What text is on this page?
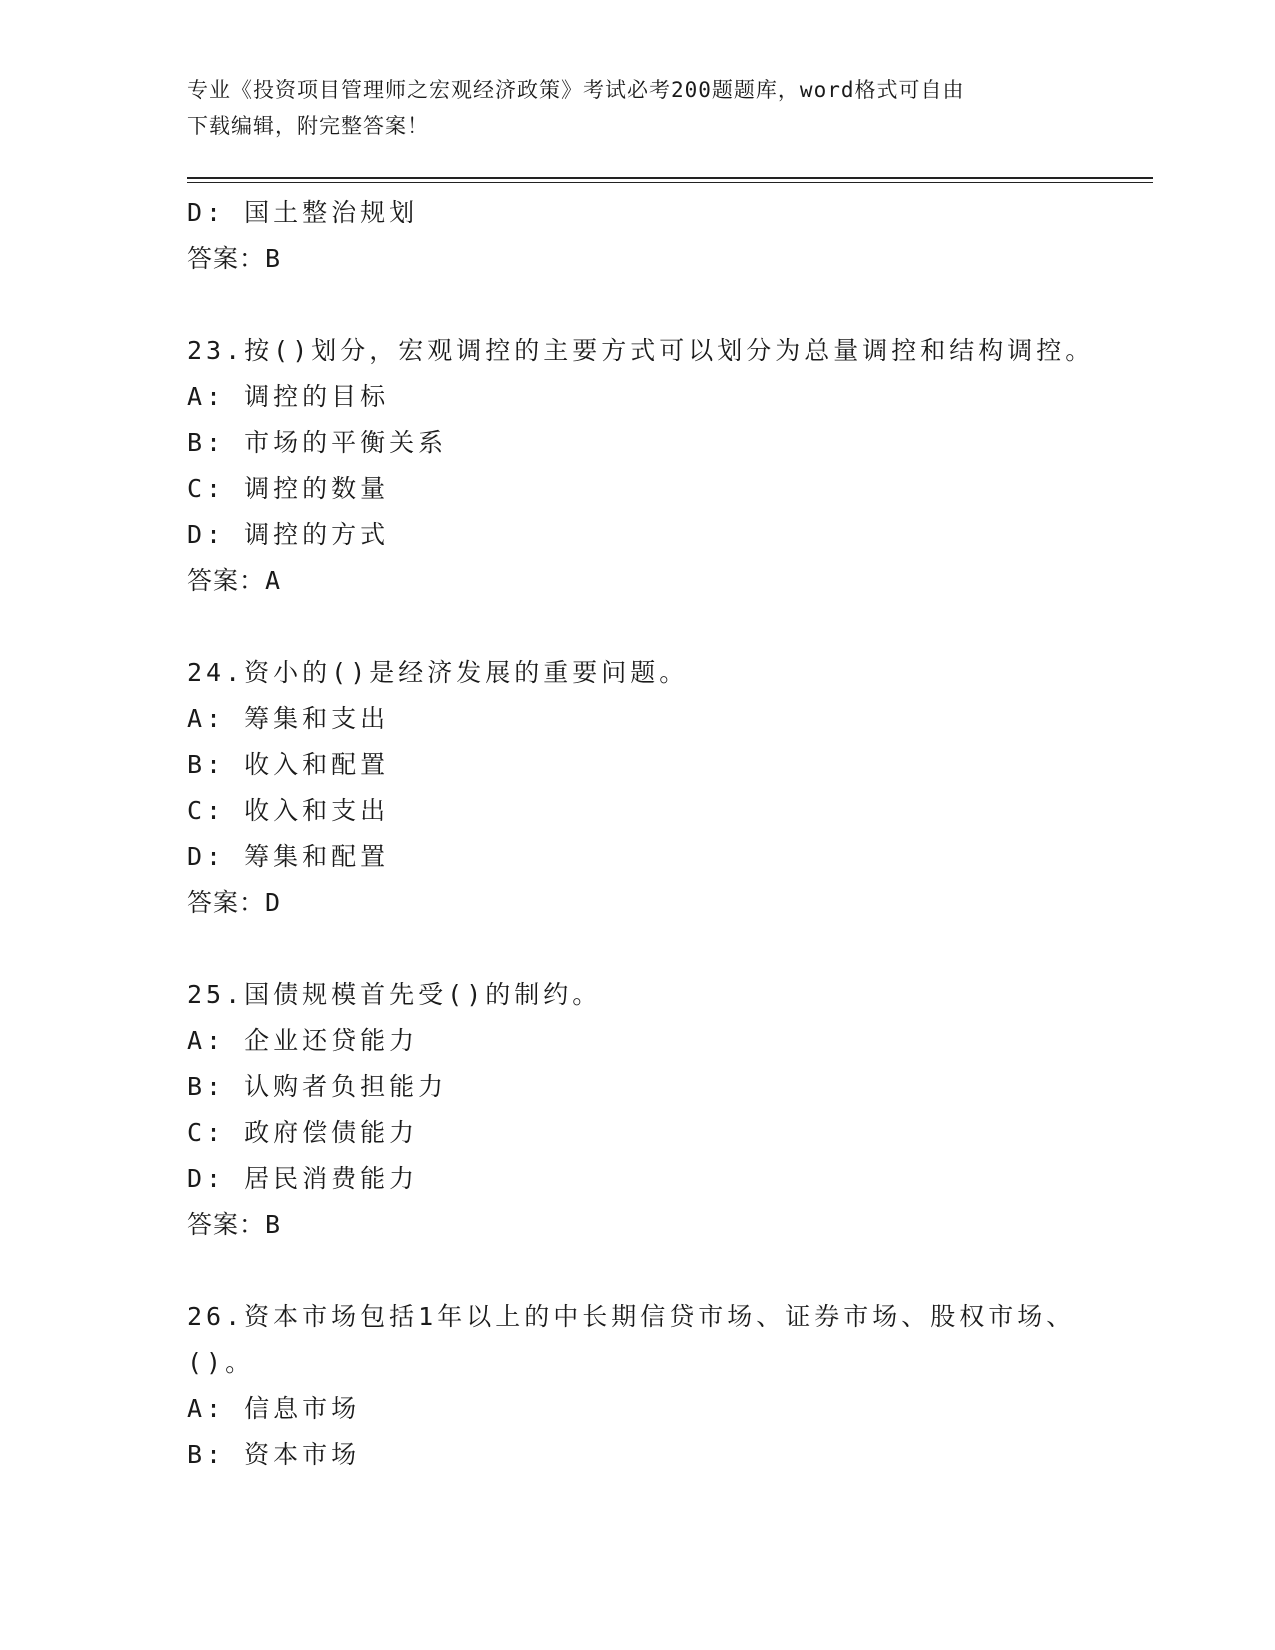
专业《投资项目管理师之宏观经济政策》考试必考200题题库，word格式可自由
下载编辑，附完整答案！
D: 国土整治规划
答案：B
23.按()划分，宏观调控的主要方式可以划分为总量调控和结构调控。
A: 调控的目标
B: 市场的平衡关系
C: 调控的数量
D: 调控的方式
答案：A
24.资小的()是经济发展的重要问题。
A: 筹集和支出
B: 收入和配置
C: 收入和支出
D: 筹集和配置
答案：D
25.国债规模首先受()的制约。
A: 企业还贷能力
B: 认购者负担能力
C: 政府偿债能力
D: 居民消费能力
答案：B
26.资本市场包括1年以上的中长期信贷市场、证券市场、股权市场、
()。
A: 信息市场
B: 资本市场
